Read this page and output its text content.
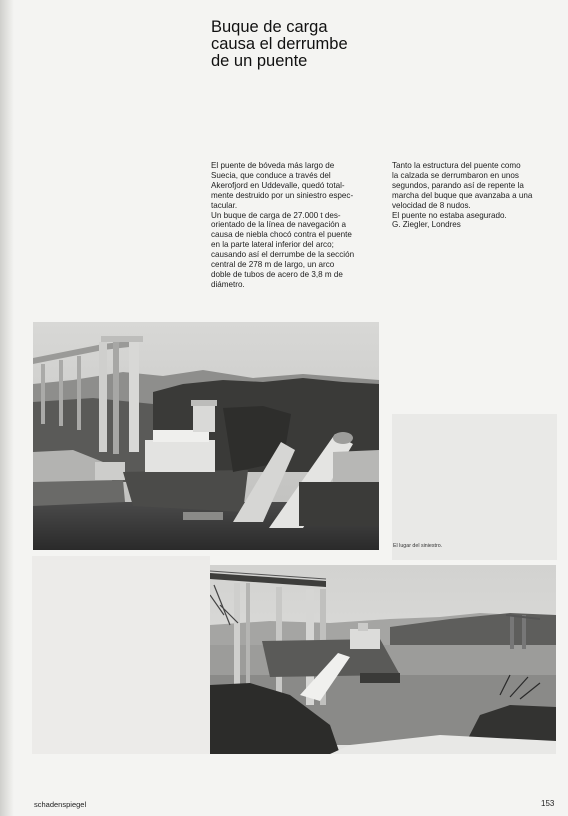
Buque de carga
causa el derrumbe
de un puente

El puente de bóveda más largo de

Suecia, que conduce a través del

Akerofjord en Uddevalle, quedó total-

mente destruido por un siniestro espec-

tacular.

Un buque de carga de 27.000 t des-

orientado de la línea de navegación a

causa de niebla chocó contra el puente

en la parte lateral inferior del arco;

causando así el derrumbe de la sección

central de 278 m de largo, un arco

doble de tubos de acero de 3,8 m de

diámetro.

Tanto la estructura del puente como

la calzada se derrumbaron en unos

segundos, parando así de repente la

marcha del buque que avanzaba a una

velocidad de 8 nudos.

El puente no estaba asegurado.

G. Ziegler, Londres

El lugar del siniestro.

schadenspiegel	153
